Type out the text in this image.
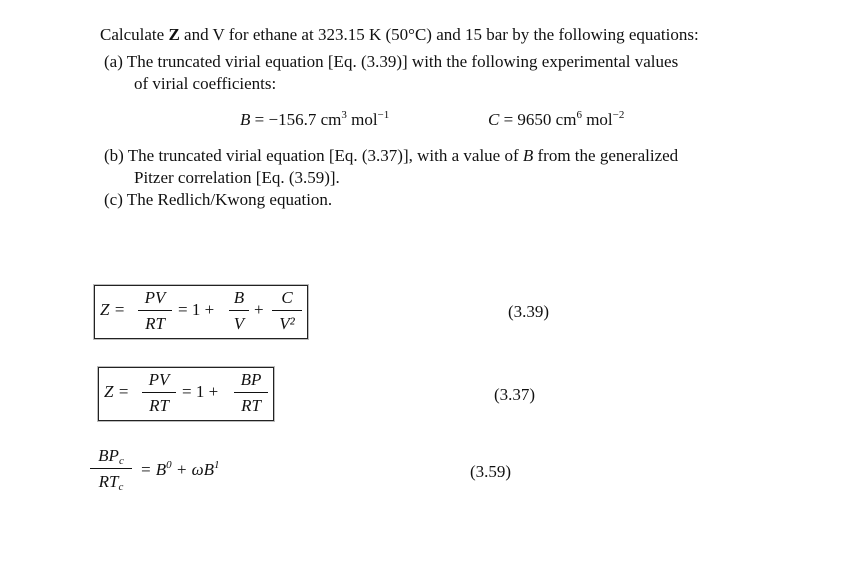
Calculate Z and V for ethane at 323.15 K (50°C) and 15 bar by the following equations:
(a) The truncated virial equation [Eq. (3.39)] with the following experimental values
of virial coefficients:
B = −156.7 $cm^3$ mol$^{-1}$	C = 9650 $cm^6$ mol$^{-2}$
(b) The truncated virial equation [Eq. (3.37)], with a value of B from the generalized
Pitzer correlation [Eq. (3.59)].
(c) The Redlich/Kwong equation.
Z =
PV
RT
= 1 +
B
V
+
C
V²
(3.39)
Z =
PV
RT
= 1 +
BP
RT
(3.37)
$BP_c$
$RT_c$
= $B^0 + \omega B^1$	(3.59)
